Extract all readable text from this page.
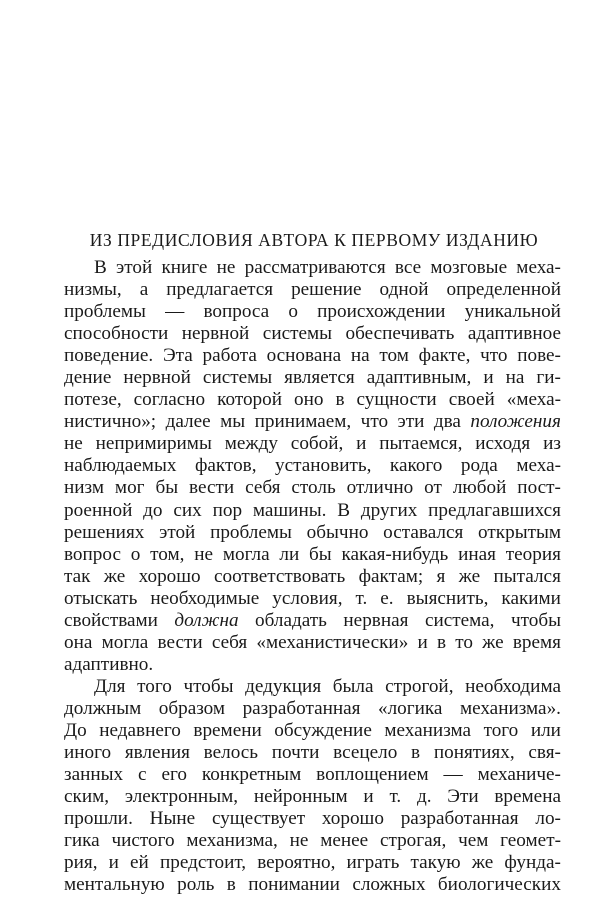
ИЗ ПРЕДИСЛОВИЯ АВТОРА К ПЕРВОМУ ИЗДАНИЮ
В этой книге не рассматриваются все мозговые меха-
низмы, а предлагается решение одной определенной
проблемы — вопроса о происхождении уникальной
способности нервной системы обеспечивать адаптивное
поведение. Эта работа основана на том факте, что пове-
дение нервной системы является адаптивным, и на ги-
потезе, согласно которой оно в сущности своей «меха-
нистично»; далее мы принимаем, что эти два положения
не непримиримы между собой, и пытаемся, исходя из
наблюдаемых фактов, установить, какого рода меха-
низм мог бы вести себя столь отлично от любой пост-
роенной до сих пор машины. В других предлагавшихся
решениях этой проблемы обычно оставался открытым
вопрос о том, не могла ли бы какая-нибудь иная теория
так же хорошо соответствовать фактам; я же пытался
отыскать необходимые условия, т. е. выяснить, какими
свойствами должна обладать нервная система, чтобы
она могла вести себя «механистически» и в то же время
адаптивно.
Для того чтобы дедукция была строгой, необходима
должным образом разработанная «логика механизма».
До недавнего времени обсуждение механизма того или
иного явления велось почти всецело в понятиях, свя-
занных с его конкретным воплощением — механиче-
ским, электронным, нейронным и т. д. Эти времена
прошли. Ныне существует хорошо разработанная ло-
гика чистого механизма, не менее строгая, чем геомет-
рия, и ей предстоит, вероятно, играть такую же фунда-
ментальную роль в понимании сложных биологических
